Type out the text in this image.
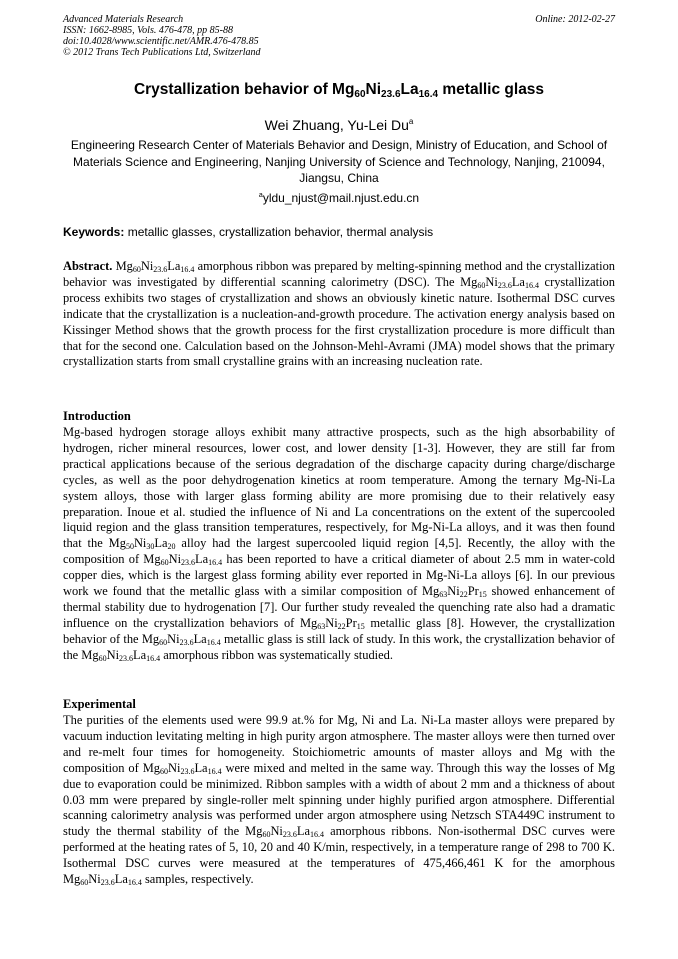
Advanced Materials Research
ISSN: 1662-8985, Vols. 476-478, pp 85-88
doi:10.4028/www.scientific.net/AMR.476-478.85
© 2012 Trans Tech Publications Ltd, Switzerland
Online: 2012-02-27
Crystallization behavior of $Mg_{60}Ni_{23.6}La_{16.4}$ metallic glass
Wei Zhuang, Yu-Lei Du$^a$
Engineering Research Center of Materials Behavior and Design, Ministry of Education, and School of Materials Science and Engineering, Nanjing University of Science and Technology, Nanjing, 210094, Jiangsu, China
$^a$yldu_njust@mail.njust.edu.cn
Keywords: metallic glasses, crystallization behavior, thermal analysis
Abstract. $Mg_{60}Ni_{23.6}La_{16.4}$ amorphous ribbon was prepared by melting-spinning method and the crystallization behavior was investigated by differential scanning calorimetry (DSC). The $Mg_{60}Ni_{23.6}La_{16.4}$ crystallization process exhibits two stages of crystallization and shows an obviously kinetic nature. Isothermal DSC curves indicate that the crystallization is a nucleation-and-growth procedure. The activation energy analysis based on Kissinger Method shows that the growth process for the first crystallization procedure is more difficult than that for the second one. Calculation based on the Johnson-Mehl-Avrami (JMA) model shows that the primary crystallization starts from small crystalline grains with an increasing nucleation rate.
Introduction
Mg-based hydrogen storage alloys exhibit many attractive prospects, such as the high absorbability of hydrogen, richer mineral resources, lower cost, and lower density [1-3]. However, they are still far from practical applications because of the serious degradation of the discharge capacity during charge/discharge cycles, as well as the poor dehydrogenation kinetics at room temperature. Among the ternary Mg-Ni-La system alloys, those with larger glass forming ability are more promising due to their relatively easy preparation. Inoue et al. studied the influence of Ni and La concentrations on the extent of the supercooled liquid region and the glass transition temperatures, respectively, for Mg-Ni-La alloys, and it was then found that the $Mg_{50}Ni_{30}La_{20}$ alloy had the largest supercooled liquid region [4,5]. Recently, the alloy with the composition of $Mg_{60}Ni_{23.6}La_{16.4}$ has been reported to have a critical diameter of about 2.5 mm in water-cold copper dies, which is the largest glass forming ability ever reported in Mg-Ni-La alloys [6]. In our previous work we found that the metallic glass with a similar composition of $Mg_{63}Ni_{22}Pr_{15}$ showed enhancement of thermal stability due to hydrogenation [7]. Our further study revealed the quenching rate also had a dramatic influence on the crystallization behaviors of $Mg_{63}Ni_{22}Pr_{15}$ metallic glass [8]. However, the crystallization behavior of the $Mg_{60}Ni_{23.6}La_{16.4}$ metallic glass is still lack of study. In this work, the crystallization behavior of the $Mg_{60}Ni_{23.6}La_{16.4}$ amorphous ribbon was systematically studied.
Experimental
The purities of the elements used were 99.9 at.% for Mg, Ni and La. Ni-La master alloys were prepared by vacuum induction levitating melting in high purity argon atmosphere. The master alloys were then turned over and re-melt four times for homogeneity. Stoichiometric amounts of master alloys and Mg with the composition of $Mg_{60}Ni_{23.6}La_{16.4}$ were mixed and melted in the same way. Through this way the losses of Mg due to evaporation could be minimized. Ribbon samples with a width of about 2 mm and a thickness of about 0.03 mm were prepared by single-roller melt spinning under highly purified argon atmosphere. Differential scanning calorimetry analysis was performed under argon atmosphere using Netzsch STA449C instrument to study the thermal stability of the $Mg_{60}Ni_{23.6}La_{16.4}$ amorphous ribbons. Non-isothermal DSC curves were performed at the heating rates of 5, 10, 20 and 40 K/min, respectively, in a temperature range of 298 to 700 K. Isothermal DSC curves were measured at the temperatures of 475,466,461 K for the amorphous $Mg_{60}Ni_{23.6}La_{16.4}$ samples, respectively.
